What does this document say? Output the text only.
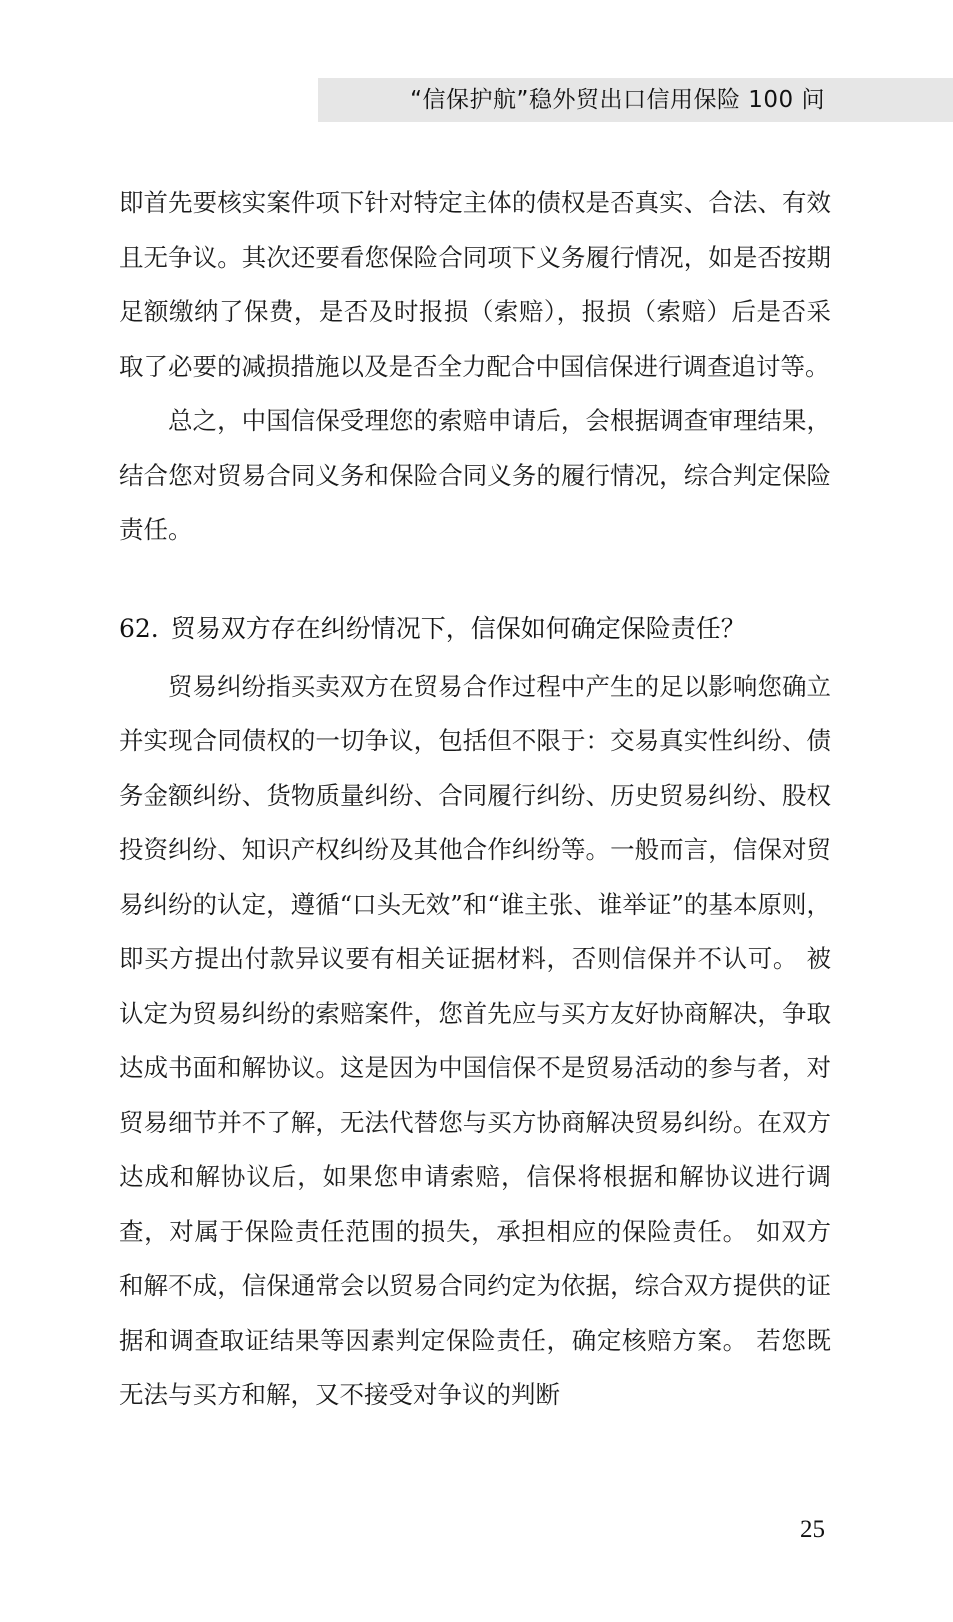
“信保护航”稳外贸出口信用保险 100 问

即首先要核实案件项下针对特定主体的债权是否真实、合法、有效且无争议。其次还要看您保险合同项下义务履行情况，如是否按期足额缴纳了保费，是否及时报损（索赔），报损（索赔）后是否采取了必要的减损措施以及是否全力配合中国信保进行调查追讨等。

总之，中国信保受理您的索赔申请后，会根据调查审理结果，结合您对贸易合同义务和保险合同义务的履行情况，综合判定保险责任。

62. 贸易双方存在纠纷情况下，信保如何确定保险责任？

贸易纠纷指买卖双方在贸易合作过程中产生的足以影响您确立并实现合同债权的一切争议，包括但不限于：交易真实性纠纷、债务金额纠纷、货物质量纠纷、合同履行纠纷、历史贸易纠纷、股权投资纠纷、知识产权纠纷及其他合作纠纷等。一般而言，信保对贸易纠纷的认定，遵循“口头无效”和“谁主张、谁举证”的基本原则，即买方提出付款异议要有相关证据材料，否则信保并不认可。 被认定为贸易纠纷的索赔案件，您首先应与买方友好协商解决，争取达成书面和解协议。这是因为中国信保不是贸易活动的参与者，对贸易细节并不了解，无法代替您与买方协商解决贸易纠纷。在双方达成和解协议后，如果您申请索赔，信保将根据和解协议进行调查，对属于保险责任范围的损失，承担相应的保险责任。 如双方和解不成，信保通常会以贸易合同约定为依据，综合双方提供的证据和调查取证结果等因素判定保险责任，确定核赔方案。 若您既无法与买方和解，又不接受对争议的判断

25
